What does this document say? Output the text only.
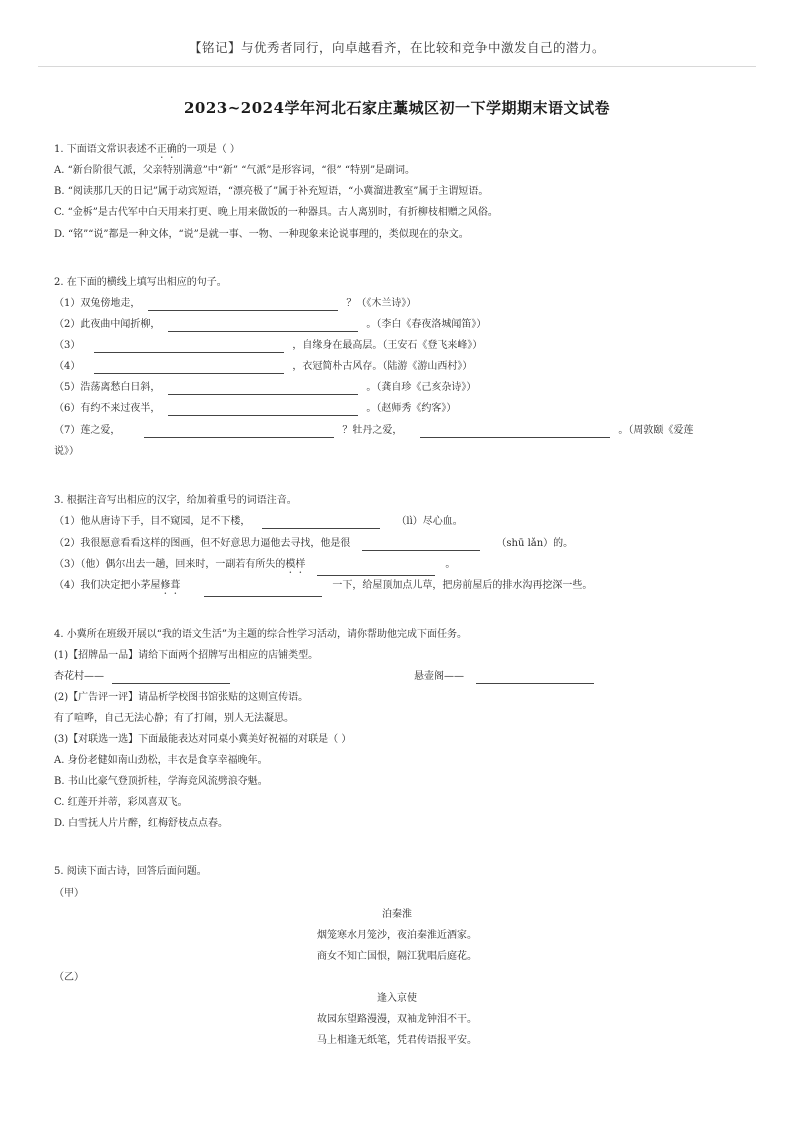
【铭记】与优秀者同行，向卓越看齐，在比较和竞争中激发自己的潜力。
2023~2024学年河北石家庄藁城区初一下学期期末语文试卷
1. 下面语文常识表述不正确的一项是（ ）
A. “新台阶很气派，父亲特别满意”中“新” “气派”是形容词，“很” “特别”是副词。
B. “阅读那几天的日记”属于动宾短语，“漂亮极了”属于补充短语，“小冀溜进教室”属于主谓短语。
C. “金柝”是古代军中白天用来打更、晚上用来做饭的一种器具。古人离别时，有折柳枝相赠之风俗。
D. “铭”“说”都是一种文体，“说”是就一事、一物、一种现象来论说事理的，类似现在的杂文。
2. 在下面的横线上填写出相应的句子。
（1）双兔傍地走，	？（《木兰诗》）
（2）此夜曲中闻折柳，	。（李白《春夜洛城闻笛》）
（3）	，自缘身在最高层。（王安石《登飞来峰》）
（4）	，衣冠简朴古风存。（陆游《游山西村》）
（5）浩荡离愁白日斜，	。（龚自珍《己亥杂诗》）
（6）有约不来过夜半，	。（赵师秀《约客》）
（7）莲之爱，	？牡丹之爱，	。（周敦颐《爱莲
说》）
3. 根据注音写出相应的汉字，给加着重号的词语注音。
（1）他从唐诗下手，目不窥园，足不下楼，	（lì）尽心血。
（2）我很愿意看看这样的图画，但不好意思力逼他去寻找，他是很	（shū lǎn）的。
（3）（他）偶尔出去一趟，回来时，一副若有所失的模样	。
（4）我们决定把小茅屋修葺	一下，给屋顶加点儿草，把房前屋后的排水沟再挖深一些。
4. 小冀所在班级开展以“我的语文生活”为主题的综合性学习活动，请你帮助他完成下面任务。
(1)【招牌品一品】请给下面两个招牌写出相应的店铺类型。
杏花村——	悬壶阁——
(2)【广告评一评】请品析学校图书馆张贴的这则宣传语。
有了喧哗，自己无法心静；有了打闹，别人无法凝思。
(3)【对联选一选】下面最能表达对同桌小冀美好祝福的对联是（ ）
A. 身份老健如南山劲松，丰衣是食享幸福晚年。
B. 书山比豪气登顶折桂，学海竞风流劈浪夺魁。
C. 红莲开并蒂，彩凤喜双飞。
D. 白雪抚人片片醉，红梅舒枝点点春。
5. 阅读下面古诗，回答后面问题。
（甲）
泊秦淮
烟笼寒水月笼沙，夜泊秦淮近酒家。
商女不知亡国恨，隔江犹唱后庭花。
（乙）
逢入京使
故园东望路漫漫，双袖龙钟泪不干。
马上相逢无纸笔，凭君传语报平安。
